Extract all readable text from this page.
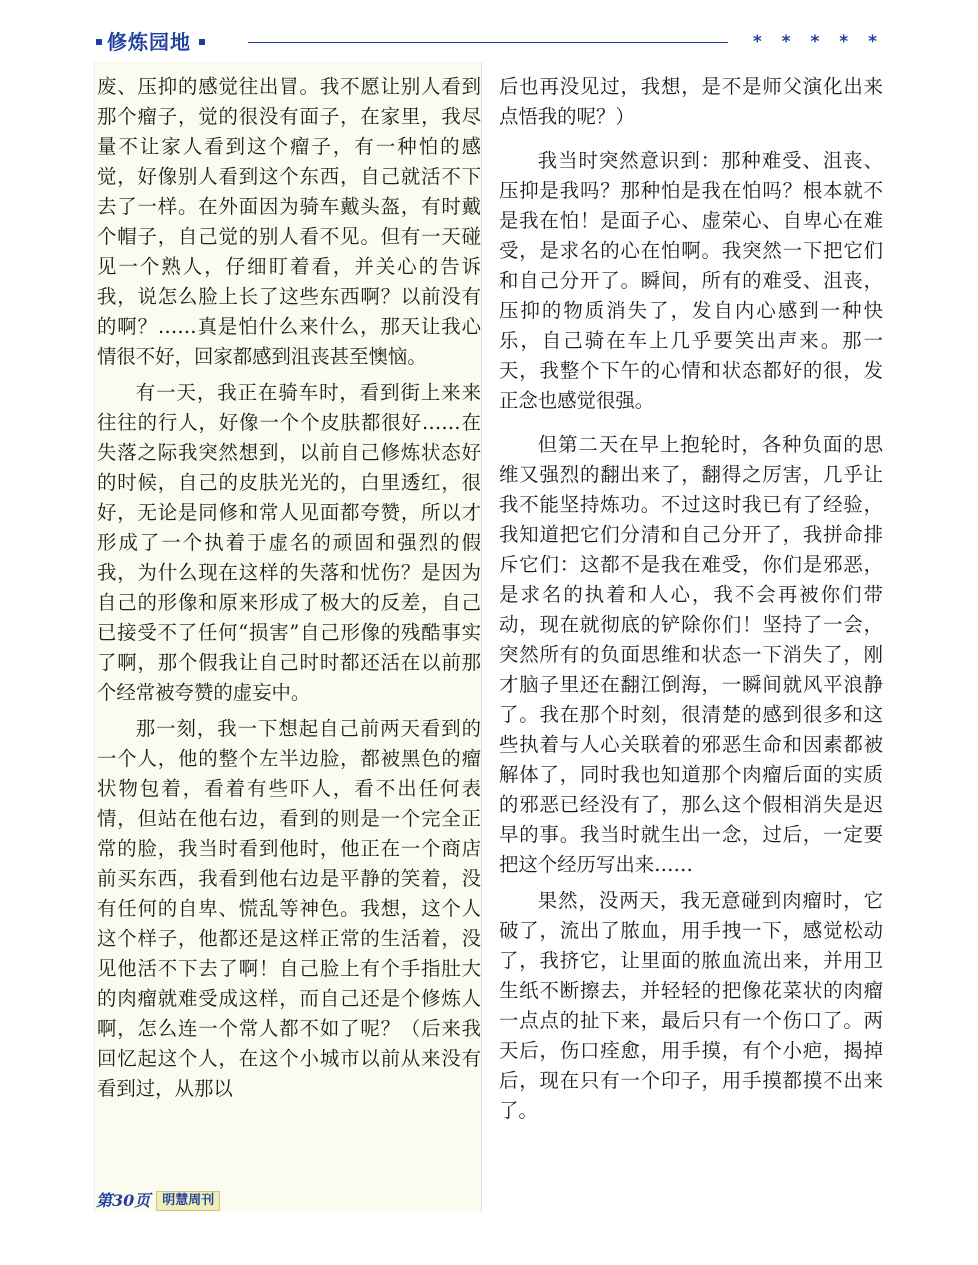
修炼园地	* * * * *

废、压抑的感觉往出冒。我不愿让别人看到那个瘤子，觉的很没有面子，在家里，我尽量不让家人看到这个瘤子，有一种怕的感觉，好像别人看到这个东西，自己就活不下去了一样。在外面因为骑车戴头盔，有时戴个帽子，自己觉的别人看不见。但有一天碰见一个熟人，仔细盯着看，并关心的告诉我，说怎么脸上长了这些东西啊？以前没有的啊？……真是怕什么来什么，那天让我心情很不好，回家都感到沮丧甚至懊恼。

有一天，我正在骑车时，看到街上来来往往的行人，好像一个个皮肤都很好……在失落之际我突然想到，以前自己修炼状态好的时候，自己的皮肤光光的，白里透红，很好，无论是同修和常人见面都夸赞，所以才形成了一个执着于虚名的顽固和强烈的假我，为什么现在这样的失落和忧伤？是因为自己的形像和原来形成了极大的反差，自己已接受不了任何“损害”自己形像的残酷事实了啊，那个假我让自己时时都还活在以前那个经常被夸赞的虚妄中。

那一刻，我一下想起自己前两天看到的一个人，他的整个左半边脸，都被黑色的瘤状物包着，看着有些吓人，看不出任何表情，但站在他右边，看到的则是一个完全正常的脸，我当时看到他时，他正在一个商店前买东西，我看到他右边是平静的笑着，没有任何的自卑、慌乱等神色。我想，这个人这个样子，他都还是这样正常的生活着，没见他活不下去了啊！自己脸上有个手指肚大的肉瘤就难受成这样，而自己还是个修炼人啊，怎么连一个常人都不如了呢？（后来我回忆起这个人，在这个小城市以前从来没有看到过，从那以

后也再没见过，我想，是不是师父演化出来点悟我的呢？）

我当时突然意识到：那种难受、沮丧、压抑是我吗？那种怕是我在怕吗？根本就不是我在怕！是面子心、虚荣心、自卑心在难受，是求名的心在怕啊。我突然一下把它们和自己分开了。瞬间，所有的难受、沮丧，压抑的物质消失了，发自内心感到一种快乐，自己骑在车上几乎要笑出声来。那一天，我整个下午的心情和状态都好的很，发正念也感觉很强。

但第二天在早上抱轮时，各种负面的思维又强烈的翻出来了，翻得之厉害，几乎让我不能坚持炼功。不过这时我已有了经验，我知道把它们分清和自己分开了，我拼命排斥它们：这都不是我在难受，你们是邪恶，是求名的执着和人心，我不会再被你们带动，现在就彻底的铲除你们！坚持了一会，突然所有的负面思维和状态一下消失了，刚才脑子里还在翻江倒海，一瞬间就风平浪静了。我在那个时刻，很清楚的感到很多和这些执着与人心关联着的邪恶生命和因素都被解体了，同时我也知道那个肉瘤后面的实质的邪恶已经没有了，那么这个假相消失是迟早的事。我当时就生出一念，过后，一定要把这个经历写出来……

果然，没两天，我无意碰到肉瘤时，它破了，流出了脓血，用手拽一下，感觉松动了，我挤它，让里面的脓血流出来，并用卫生纸不断擦去，并轻轻的把像花菜状的肉瘤一点点的扯下来，最后只有一个伤口了。两天后，伤口痊愈，用手摸，有个小疤，揭掉后，现在只有一个印子，用手摸都摸不出来了。

第30页 明慧周刊
